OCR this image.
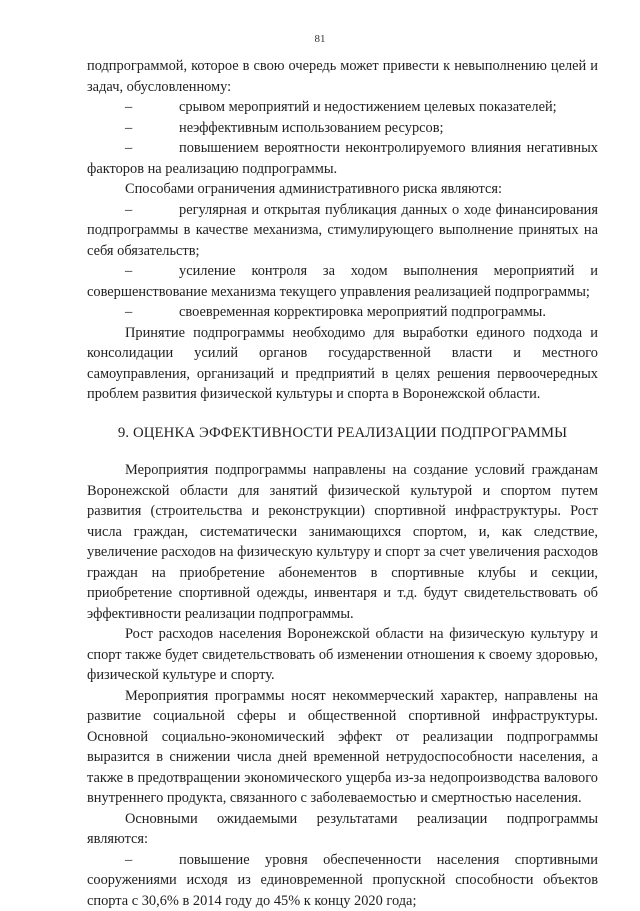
81

подпрограммой, которое в свою очередь может привести к невыполнению целей и задач, обусловленному:

–	срывом мероприятий и недостижением целевых показателей;

–	неэффективным использованием ресурсов;

–	повышением вероятности неконтролируемого влияния негативных факторов на реализацию подпрограммы.

Способами ограничения административного риска являются:

–	регулярная и открытая публикация данных о ходе финансирования подпрограммы в качестве механизма, стимулирующего выполнение принятых на себя обязательств;

–	усиление контроля за ходом выполнения мероприятий и совершенствование механизма текущего управления реализацией подпрограммы;

–	своевременная корректировка мероприятий подпрограммы.

Принятие подпрограммы необходимо для выработки единого подхода и консолидации усилий органов государственной власти и местного самоуправления, организаций и предприятий в целях решения первоочередных проблем развития физической культуры и спорта в Воронежской области.

9. ОЦЕНКА ЭФФЕКТИВНОСТИ РЕАЛИЗАЦИИ ПОДПРОГРАММЫ

Мероприятия подпрограммы направлены на создание условий гражданам Воронежской области для занятий физической культурой и спортом путем развития (строительства и реконструкции) спортивной инфраструктуры. Рост числа граждан, систематически занимающихся спортом, и, как следствие, увеличение расходов на физическую культуру и спорт за счет увеличения расходов граждан на приобретение абонементов в спортивные клубы и секции, приобретение спортивной одежды, инвентаря и т.д. будут свидетельствовать об эффективности реализации подпрограммы.

Рост расходов населения Воронежской области на физическую культуру и спорт также будет свидетельствовать об изменении отношения к своему здоровью, физической культуре и спорту.

Мероприятия программы носят некоммерческий характер, направлены на развитие социальной сферы и общественной спортивной инфраструктуры. Основной социально-экономический эффект от реализации подпрограммы выразится в снижении числа дней временной нетрудоспособности населения, а также в предотвращении экономического ущерба из-за недопроизводства валового внутреннего продукта, связанного с заболеваемостью и смертностью населения.

Основными ожидаемыми результатами реализации подпрограммы являются:

–	повышение уровня обеспеченности населения спортивными сооружениями исходя из единовременной пропускной способности объектов спорта с 30,6% в 2014 году до 45% к концу 2020 года;
